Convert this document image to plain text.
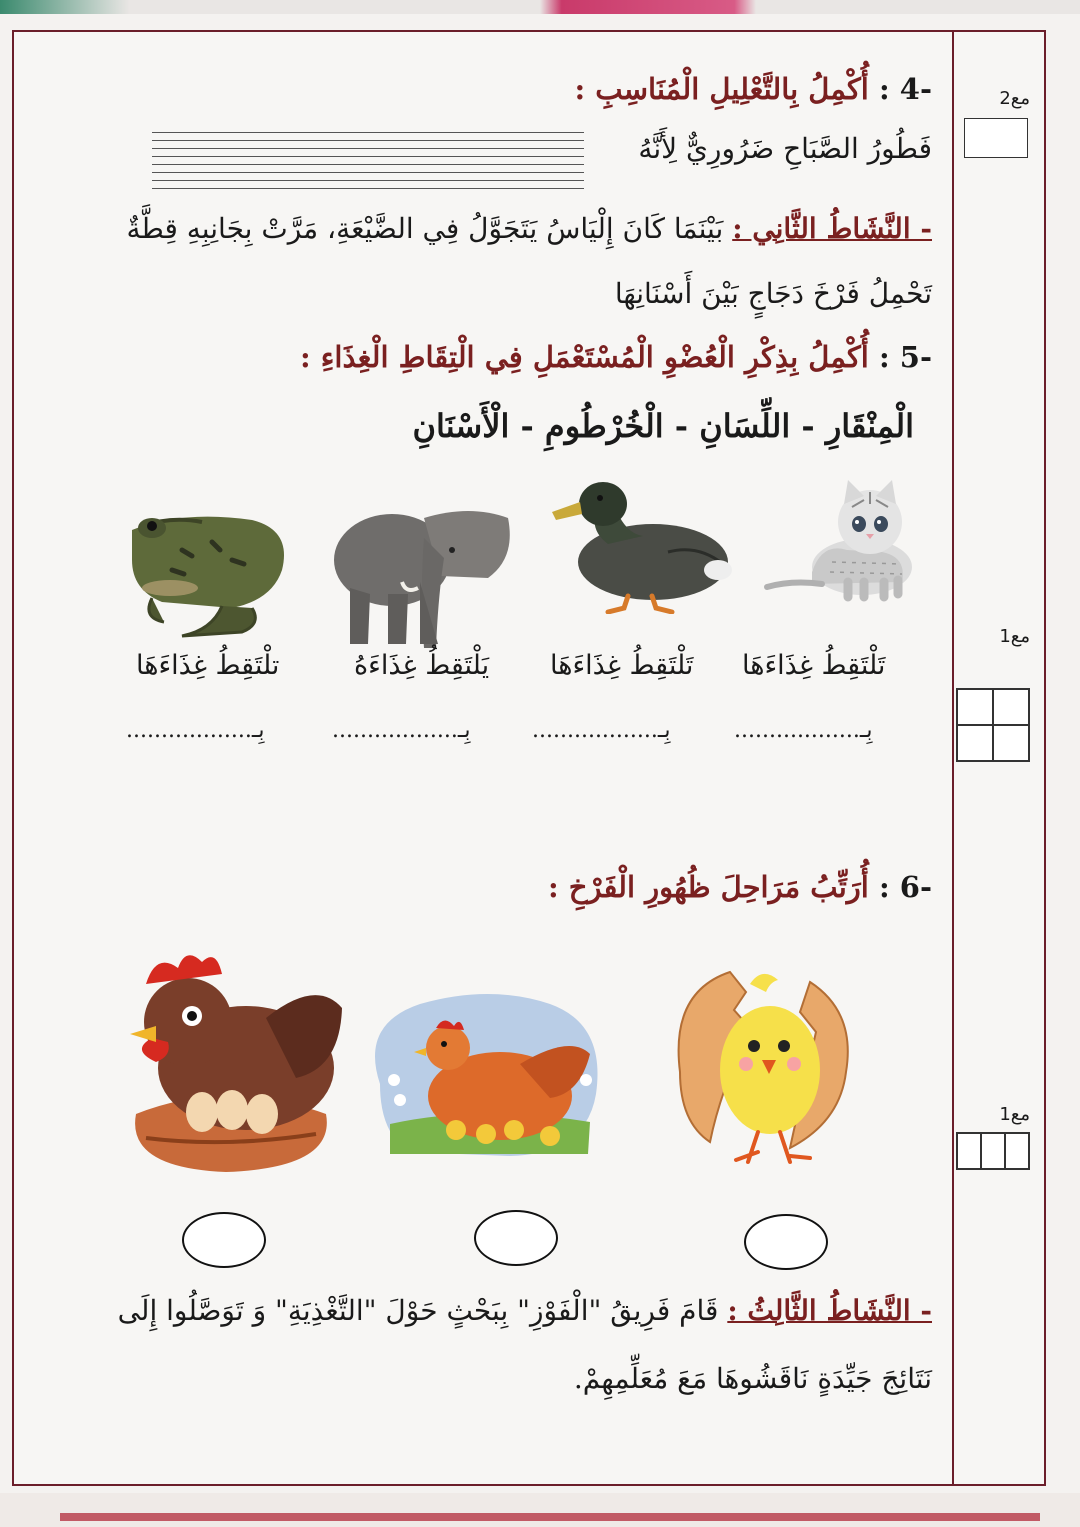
مع2
مع1
مع1
-4 : أُكْمِلُ بِالتَّعْلِيلِ الْمُنَاسِبِ :
فَطُورُ الصَّبَاحِ ضَرُورِيٌّ لِأَنَّهُ
- النَّشَاطُ الثَّانِي : بَيْنَمَا كَانَ إِلْيَاسُ يَتَجَوَّلُ فِي الضَّيْعَةِ، مَرَّتْ بِجَانِبِهِ قِطَّةٌ
تَحْمِلُ فَرْخَ دَجَاجٍ بَيْنَ أَسْنَانِهَا
-5 : أُكْمِلُ بِذِكْرِ الْعُضْوِ الْمُسْتَعْمَلِ فِي الْتِقَاطِ الْغِذَاءِ :
الْمِنْقَارِ - اللِّسَانِ - الْخُرْطُومِ - الْأَسْنَانِ
تَلْتَقِطُ غِذَاءَهَا
تَلْتَقِطُ غِذَاءَهَا
يَلْتَقِطُ غِذَاءَهُ
تلْتَقِطُ غِذَاءَهَا
بِـ..................
بِـ..................
بِـ..................
بِـ..................
-6 : أُرَتِّبُ مَرَاحِلَ ظُهُورِ الْفَرْخِ :
- النَّشَاطُ الثَّالِثُ : قَامَ فَرِيقُ "الْفَوْزِ" بِبَحْثٍ حَوْلَ "التَّغْذِيَةِ" وَ تَوَصَّلُوا إِلَى
نَتَائِجَ جَيِّدَةٍ نَاقَشُوهَا مَعَ مُعَلِّمِهِمْ.
